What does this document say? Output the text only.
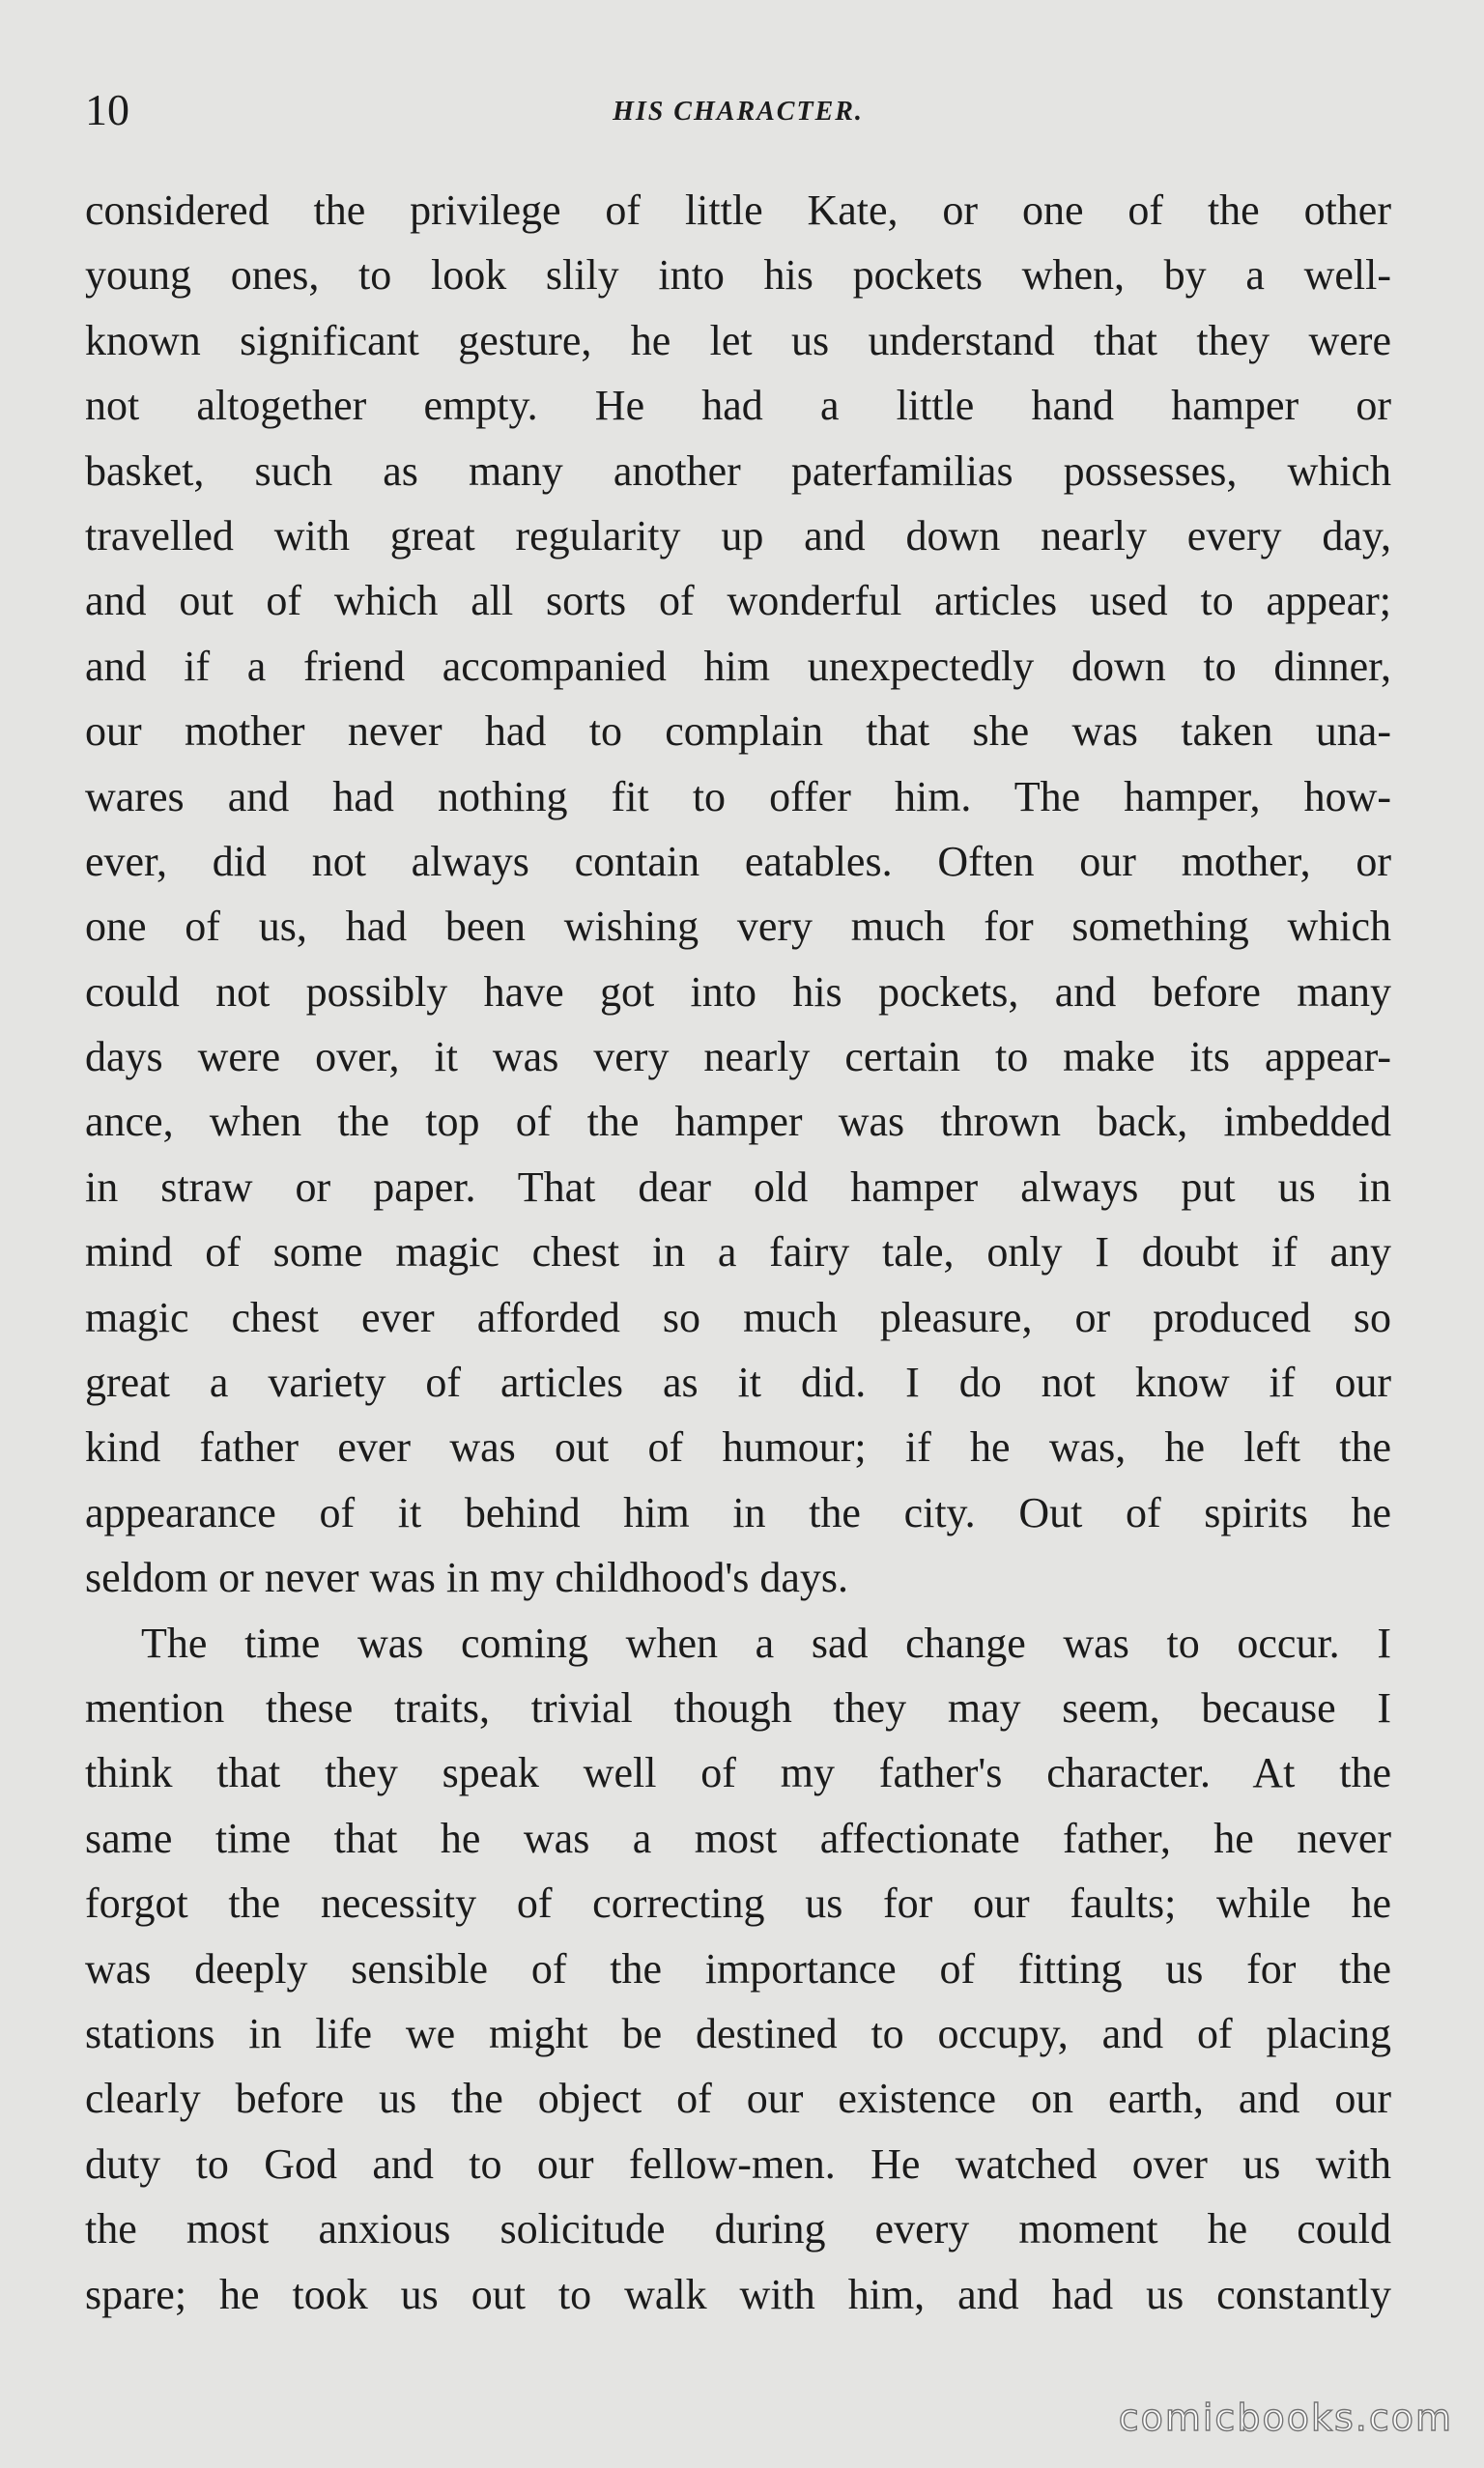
10	HIS CHARACTER.
considered the privilege of little Kate, or one of the other
young ones, to look slily into his pockets when, by a well-
known significant gesture, he let us understand that they were
not altogether empty. He had a little hand hamper or
basket, such as many another paterfamilias possesses, which
travelled with great regularity up and down nearly every day,
and out of which all sorts of wonderful articles used to appear;
and if a friend accompanied him unexpectedly down to dinner,
our mother never had to complain that she was taken una-
wares and had nothing fit to offer him. The hamper, how-
ever, did not always contain eatables. Often our mother, or
one of us, had been wishing very much for something which
could not possibly have got into his pockets, and before many
days were over, it was very nearly certain to make its appear-
ance, when the top of the hamper was thrown back, imbedded
in straw or paper. That dear old hamper always put us in
mind of some magic chest in a fairy tale, only I doubt if any
magic chest ever afforded so much pleasure, or produced so
great a variety of articles as it did. I do not know if our
kind father ever was out of humour; if he was, he left the
appearance of it behind him in the city. Out of spirits he
seldom or never was in my childhood's days.
The time was coming when a sad change was to occur. I
mention these traits, trivial though they may seem, because I
think that they speak well of my father's character. At the
same time that he was a most affectionate father, he never
forgot the necessity of correcting us for our faults; while he
was deeply sensible of the importance of fitting us for the
stations in life we might be destined to occupy, and of placing
clearly before us the object of our existence on earth, and our
duty to God and to our fellow-men. He watched over us with
the most anxious solicitude during every moment he could
spare; he took us out to walk with him, and had us constantly
comicbooks.com
